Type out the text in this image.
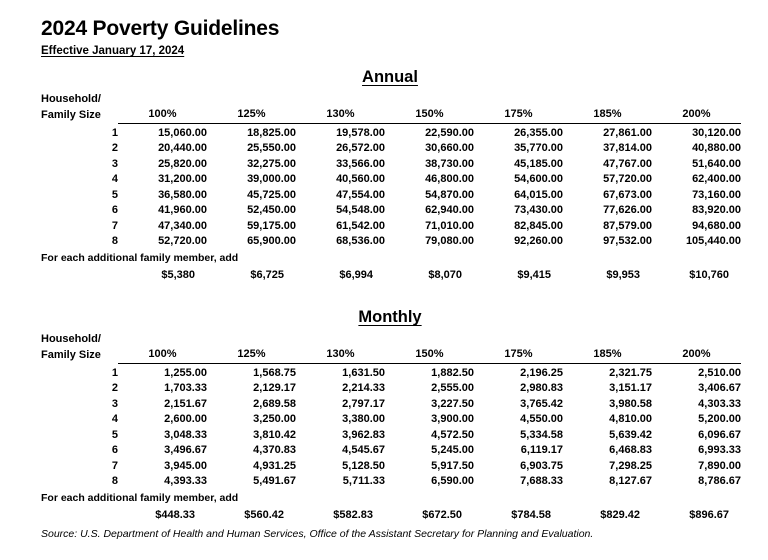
2024 Poverty Guidelines
Effective January 17, 2024
Annual
Household/
Family Size	100%	125%	130%	150%	175%	185%	200%
1	15,060.00	18,825.00	19,578.00	22,590.00	26,355.00	27,861.00	30,120.00
2	20,440.00	25,550.00	26,572.00	30,660.00	35,770.00	37,814.00	40,880.00
3	25,820.00	32,275.00	33,566.00	38,730.00	45,185.00	47,767.00	51,640.00
4	31,200.00	39,000.00	40,560.00	46,800.00	54,600.00	57,720.00	62,400.00
5	36,580.00	45,725.00	47,554.00	54,870.00	64,015.00	67,673.00	73,160.00
6	41,960.00	52,450.00	54,548.00	62,940.00	73,430.00	77,626.00	83,920.00
7	47,340.00	59,175.00	61,542.00	71,010.00	82,845.00	87,579.00	94,680.00
8	52,720.00	65,900.00	68,536.00	79,080.00	92,260.00	97,532.00	105,440.00
For each additional family member, add
	$5,380	$6,725	$6,994	$8,070	$9,415	$9,953	$10,760
Monthly
Household/
Family Size	100%	125%	130%	150%	175%	185%	200%
1	1,255.00	1,568.75	1,631.50	1,882.50	2,196.25	2,321.75	2,510.00
2	1,703.33	2,129.17	2,214.33	2,555.00	2,980.83	3,151.17	3,406.67
3	2,151.67	2,689.58	2,797.17	3,227.50	3,765.42	3,980.58	4,303.33
4	2,600.00	3,250.00	3,380.00	3,900.00	4,550.00	4,810.00	5,200.00
5	3,048.33	3,810.42	3,962.83	4,572.50	5,334.58	5,639.42	6,096.67
6	3,496.67	4,370.83	4,545.67	5,245.00	6,119.17	6,468.83	6,993.33
7	3,945.00	4,931.25	5,128.50	5,917.50	6,903.75	7,298.25	7,890.00
8	4,393.33	5,491.67	5,711.33	6,590.00	7,688.33	8,127.67	8,786.67
For each additional family member, add
	$448.33	$560.42	$582.83	$672.50	$784.58	$829.42	$896.67
Source: U.S. Department of Health and Human Services, Office of the Assistant Secretary for Planning and Evaluation.
